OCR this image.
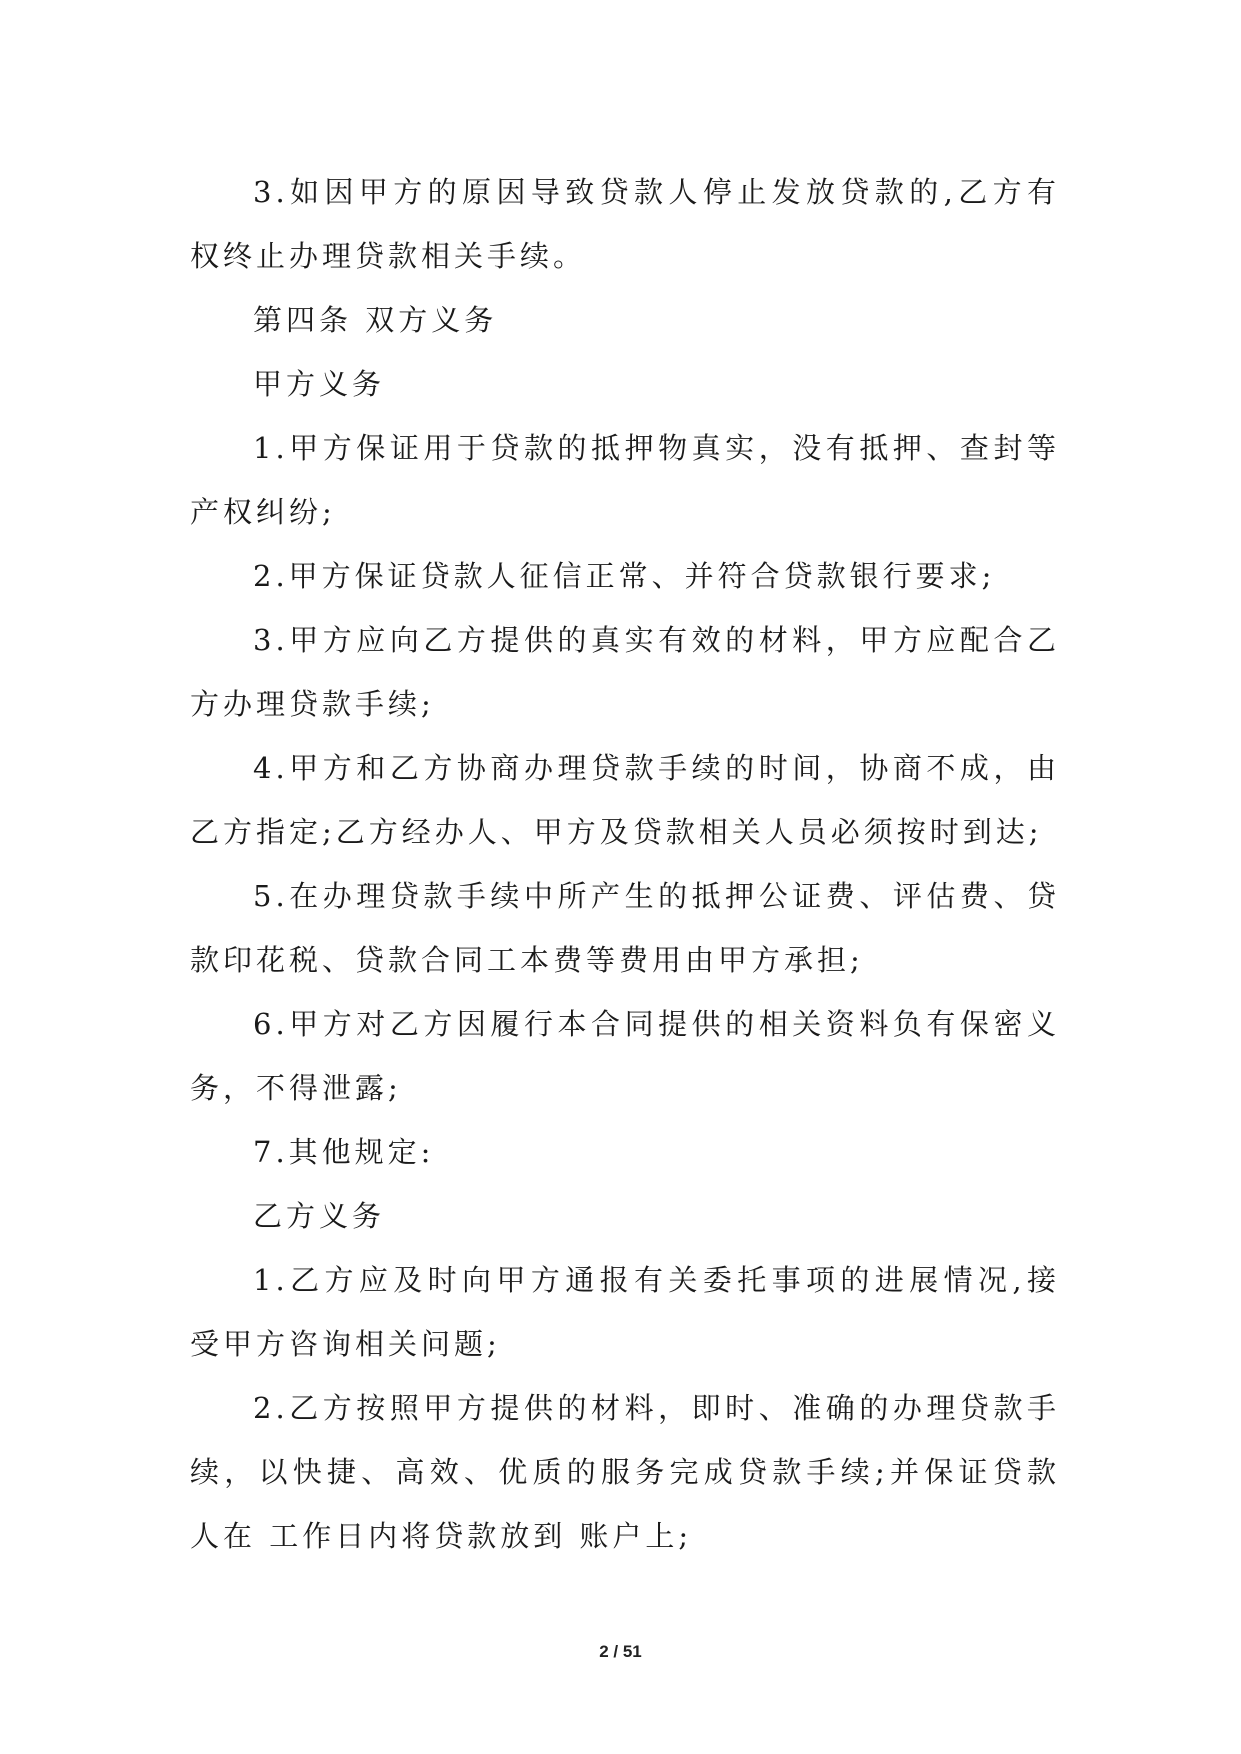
3.如因甲方的原因导致贷款人停止发放贷款的,乙方有权终止办理贷款相关手续。

第四条 双方义务

甲方义务

1.甲方保证用于贷款的抵押物真实，没有抵押、查封等产权纠纷;

2.甲方保证贷款人征信正常、并符合贷款银行要求;

3.甲方应向乙方提供的真实有效的材料，甲方应配合乙方办理贷款手续;

4.甲方和乙方协商办理贷款手续的时间，协商不成，由乙方指定;乙方经办人、甲方及贷款相关人员必须按时到达;

5.在办理贷款手续中所产生的抵押公证费、评估费、贷款印花税、贷款合同工本费等费用由甲方承担;

6.甲方对乙方因履行本合同提供的相关资料负有保密义务，不得泄露;

7.其他规定:

乙方义务

1.乙方应及时向甲方通报有关委托事项的进展情况,接受甲方咨询相关问题;

2.乙方按照甲方提供的材料，即时、准确的办理贷款手续，以快捷、高效、优质的服务完成贷款手续;并保证贷款人在 工作日内将贷款放到 账户上;

2 / 51
